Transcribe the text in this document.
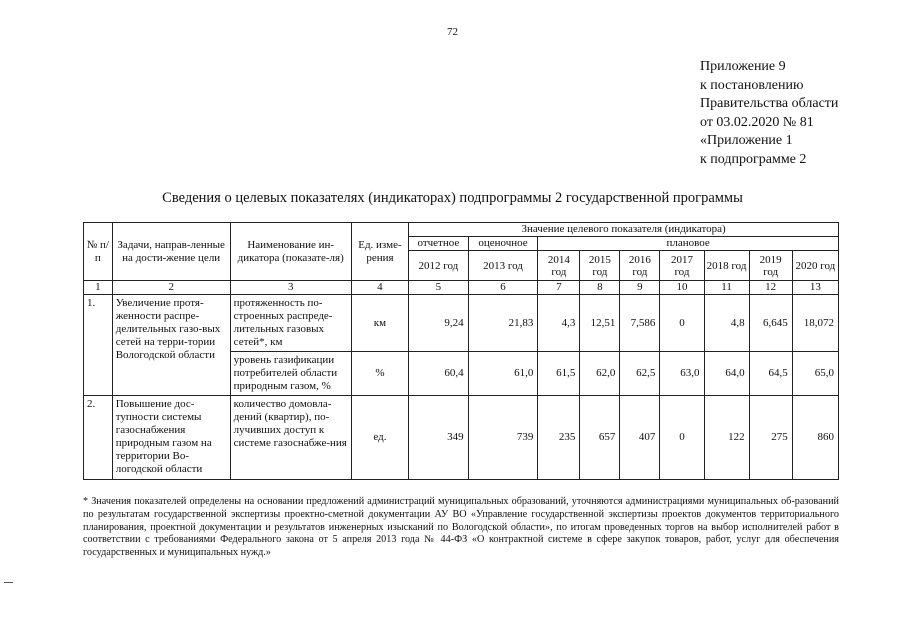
72
Приложение 9
к постановлению
Правительства области
от 03.02.2020 № 81
«Приложение 1
к подпрограмме 2
Сведения о целевых показателях (индикаторах) подпрограммы 2 государственной программы
№ п/п	Задачи, направ-ленные на дости-жение цели	Наименование ин-дикатора (показате-ля)	Ед. изме-рения	Значение целевого показателя (индикатора)								
				отчетное	оценочное	плановое						
				2012 год	2013 год	2014 год	2015 год	2016 год	2017 год	2018 год	2019 год	2020 год
1	2	3	4	5	6	7	8	9	10	11	12	13
1.	Увеличение протя-женности распре-делительных газо-вых сетей на терри-тории Вологодской области	протяженность по-строенных распреде-лительных газовых сетей*, км	км	9,24	21,83	4,3	12,51	7,586	0	4,8	6,645	18,072
		уровень газификации потребителей области природным газом, %	%	60,4	61,0	61,5	62,0	62,5	63,0	64,0	64,5	65,0
2.	Повышение дос-тупности системы газоснабжения природным газом на территории Во-логодской области	количество домовла-дений (квартир), по-лучивших доступ к системе газоснабже-ния	ед.	349	739	235	657	407	0	122	275	860
* Значения показателей определены на основании предложений администраций муниципальных образований, уточняются администрациями муниципальных об-разований по результатам государственной экспертизы проектно-сметной документации АУ ВО «Управление государственной экспертизы проектов документов территориального планирования, проектной документации и результатов инженерных изысканий по Вологодской области», по итогам проведенных торгов на выбор исполнителей работ в соответствии с требованиями Федерального закона от 5 апреля 2013 года № 44-ФЗ «О контрактной системе в сфере закупок товаров, работ, услуг для обеспечения государственных и муниципальных нужд.»
